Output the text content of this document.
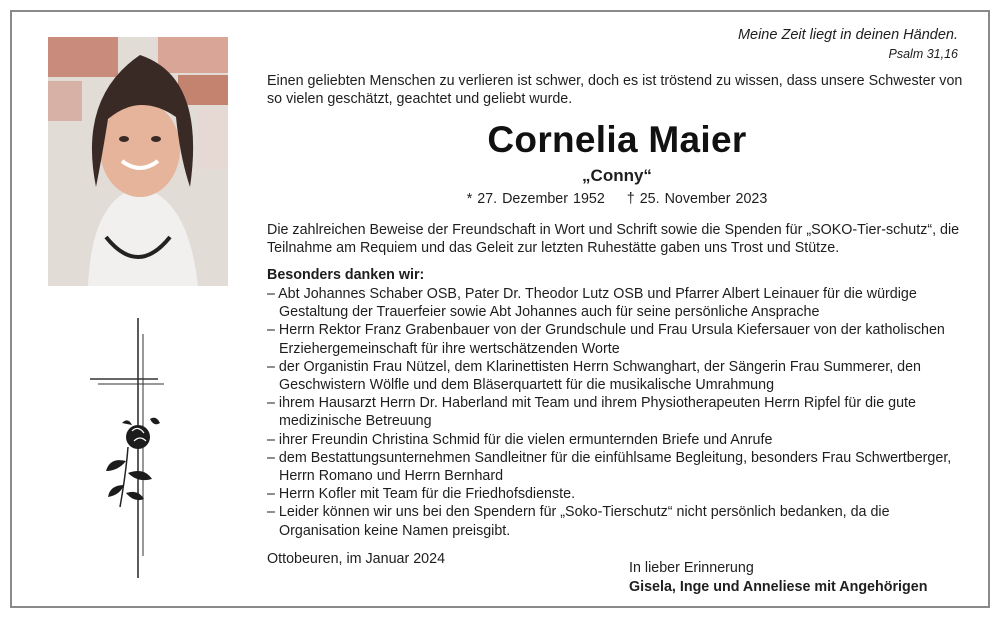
Meine Zeit liegt in deinen Händen.
Psalm 31,16
Einen geliebten Menschen zu verlieren ist schwer, doch es ist tröstend zu wissen, dass unsere Schwester von so vielen geschätzt, geachtet und geliebt wurde.
Cornelia Maier
„Conny“
* 27. Dezember 1952 † 25. November 2023
Die zahlreichen Beweise der Freundschaft in Wort und Schrift sowie die Spenden für „SOKO-Tier-schutz“, die Teilnahme am Requiem und das Geleit zur letzten Ruhestätte gaben uns Trost und Stütze.
Besonders danken wir:
– Abt Johannes Schaber OSB, Pater Dr. Theodor Lutz OSB und Pfarrer Albert Leinauer für die würdige Gestaltung der Trauerfeier sowie Abt Johannes auch für seine persönliche Ansprache
– Herrn Rektor Franz Grabenbauer von der Grundschule und Frau Ursula Kiefersauer von der katholischen Erziehergemeinschaft für ihre wertschätzenden Worte
– der Organistin Frau Nützel, dem Klarinettisten Herrn Schwanghart, der Sängerin Frau Summerer, den Geschwistern Wölfle und dem Bläserquartett für die musikalische Umrahmung
– ihrem Hausarzt Herrn Dr. Haberland mit Team und ihrem Physiotherapeuten Herrn Ripfel für die gute medizinische Betreuung
– ihrer Freundin Christina Schmid für die vielen ermunternden Briefe und Anrufe
– dem Bestattungsunternehmen Sandleitner für die einfühlsame Begleitung, besonders Frau Schwertberger, Herrn Romano und Herrn Bernhard
– Herrn Kofler mit Team für die Friedhofsdienste.
– Leider können wir uns bei den Spendern für „Soko-Tierschutz“ nicht persönlich bedanken, da die Organisation keine Namen preisgibt.
Ottobeuren, im Januar 2024
In lieber Erinnerung
Gisela, Inge und Anneliese mit Angehörigen
